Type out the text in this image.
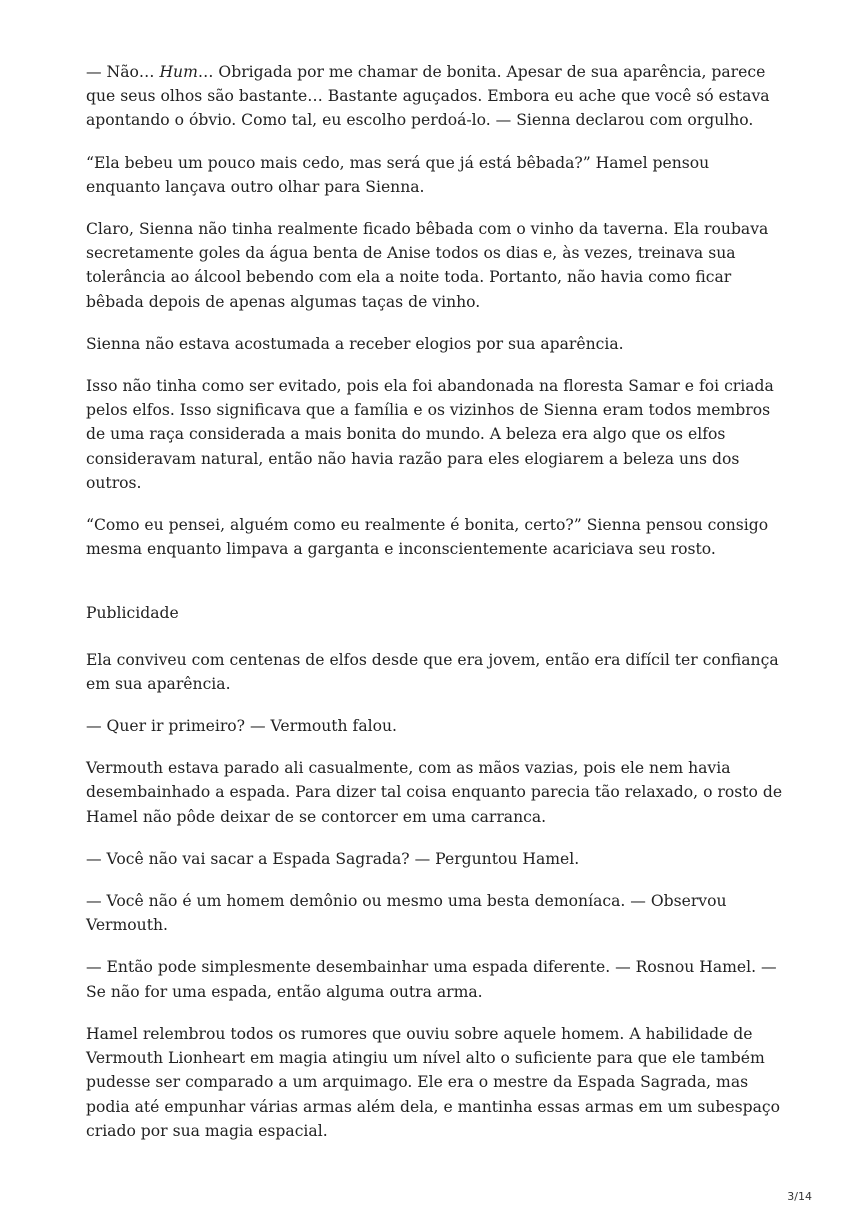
— Não… Hum… Obrigada por me chamar de bonita. Apesar de sua aparência, parece que seus olhos são bastante… Bastante aguçados. Embora eu ache que você só estava apontando o óbvio. Como tal, eu escolho perdoá-lo. — Sienna declarou com orgulho.

“Ela bebeu um pouco mais cedo, mas será que já está bêbada?” Hamel pensou enquanto lançava outro olhar para Sienna.

Claro, Sienna não tinha realmente ficado bêbada com o vinho da taverna. Ela roubava secretamente goles da água benta de Anise todos os dias e, às vezes, treinava sua tolerância ao álcool bebendo com ela a noite toda. Portanto, não havia como ficar bêbada depois de apenas algumas taças de vinho.

Sienna não estava acostumada a receber elogios por sua aparência.

Isso não tinha como ser evitado, pois ela foi abandonada na floresta Samar e foi criada pelos elfos. Isso significava que a família e os vizinhos de Sienna eram todos membros de uma raça considerada a mais bonita do mundo. A beleza era algo que os elfos consideravam natural, então não havia razão para eles elogiarem a beleza uns dos outros.

“Como eu pensei, alguém como eu realmente é bonita, certo?” Sienna pensou consigo mesma enquanto limpava a garganta e inconscientemente acariciava seu rosto.

Publicidade

Ela conviveu com centenas de elfos desde que era jovem, então era difícil ter confiança em sua aparência.

— Quer ir primeiro? — Vermouth falou.

Vermouth estava parado ali casualmente, com as mãos vazias, pois ele nem havia desembainhado a espada. Para dizer tal coisa enquanto parecia tão relaxado, o rosto de Hamel não pôde deixar de se contorcer em uma carranca.

— Você não vai sacar a Espada Sagrada? — Perguntou Hamel.

— Você não é um homem demônio ou mesmo uma besta demoníaca. — Observou Vermouth.

— Então pode simplesmente desembainhar uma espada diferente. — Rosnou Hamel. — Se não for uma espada, então alguma outra arma.

Hamel relembrou todos os rumores que ouviu sobre aquele homem. A habilidade de Vermouth Lionheart em magia atingiu um nível alto o suficiente para que ele também pudesse ser comparado a um arquimago. Ele era o mestre da Espada Sagrada, mas podia até empunhar várias armas além dela, e mantinha essas armas em um subespaço criado por sua magia espacial.

3/14
